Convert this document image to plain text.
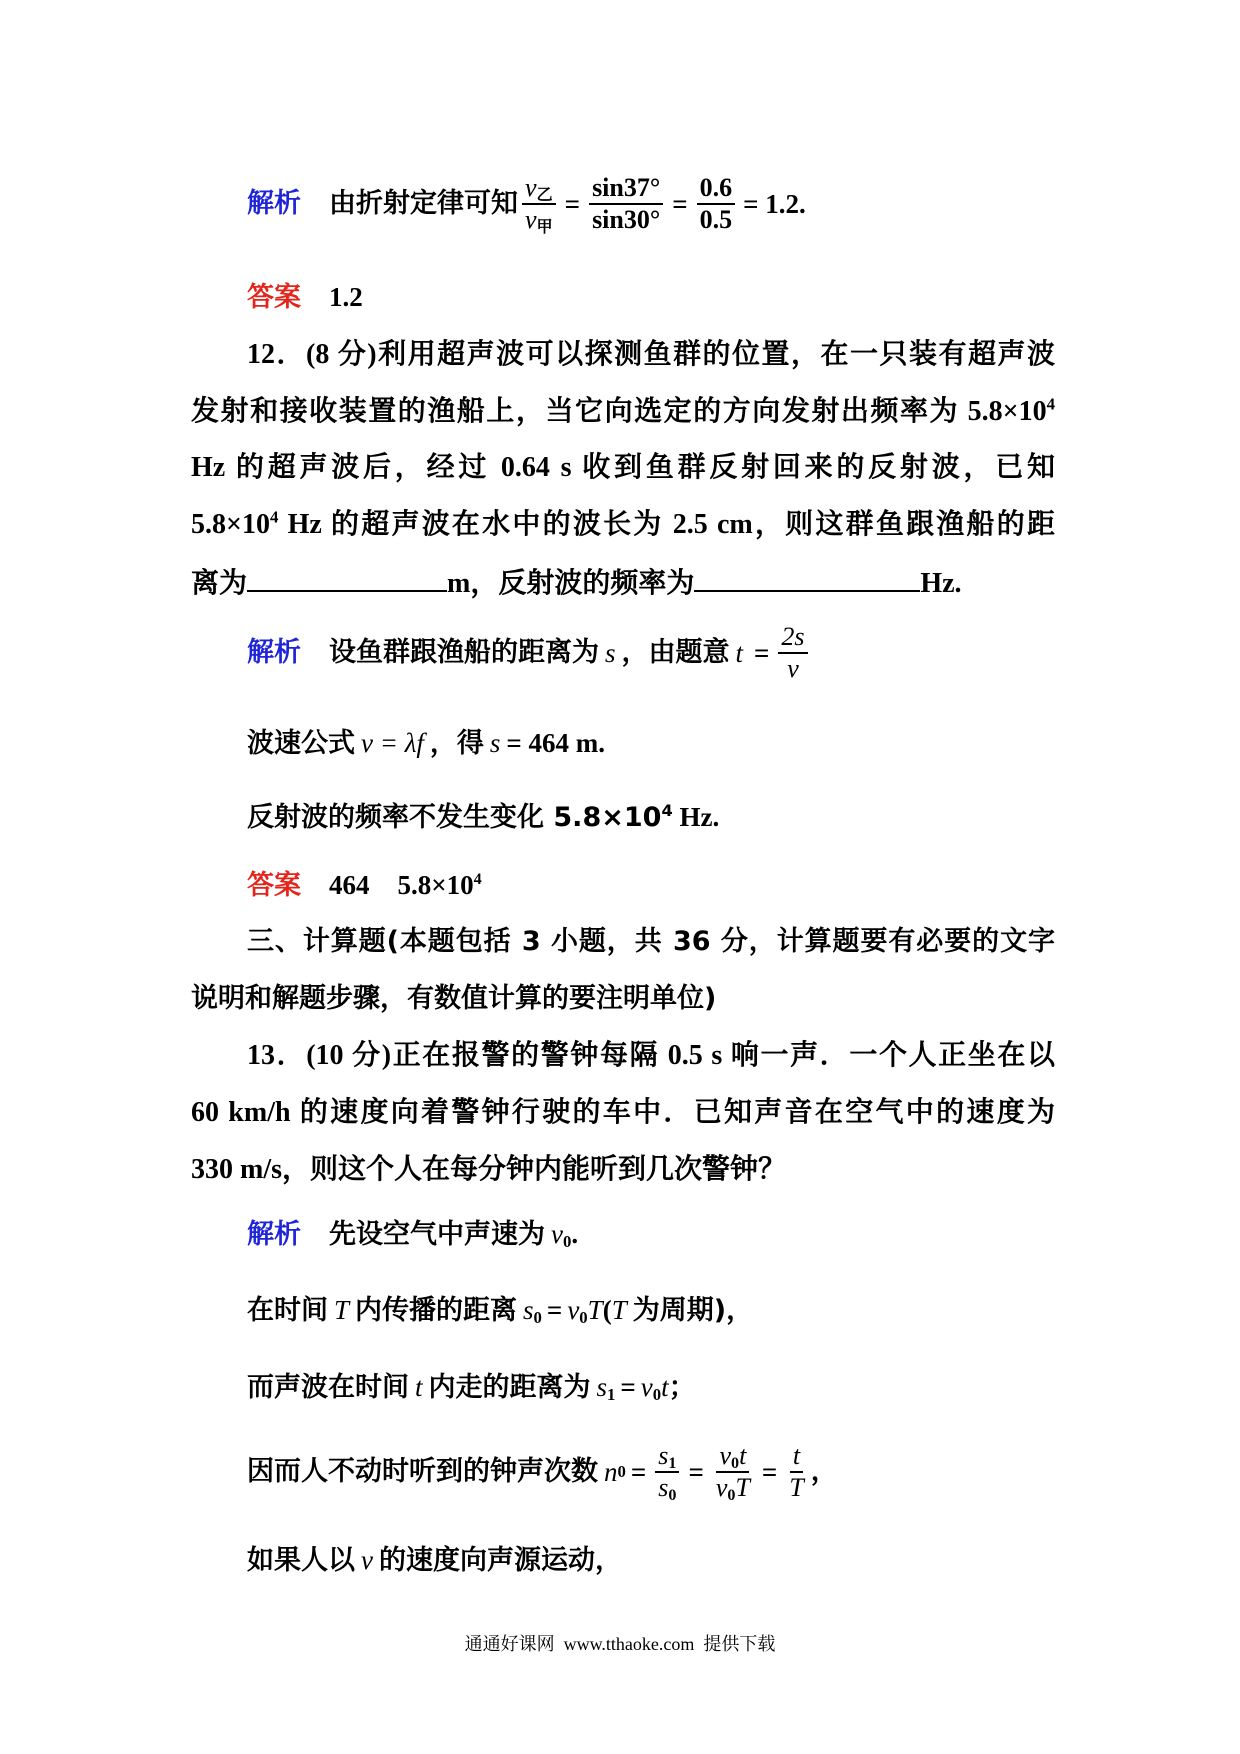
解析 由折射定律可知 $\frac{v_乙}{v_甲} = \frac{\sin 37^\circ}{\sin 30^\circ} = \frac{0.6}{0.5} = 1.2$.
答案 1.2
12．(8 分)利用超声波可以探测鱼群的位置，在一只装有超声波
发射和接收装置的渔船上，当它向选定的方向发射出频率为 $5.8\times 10^4$
Hz 的超声波后，经过 0.64 s 收到鱼群反射回来的反射波，已知
$5.8\times 10^4$ Hz 的超声波在水中的波长为 2.5 cm，则这群鱼跟渔船的距
离为	m，反射波的频率为	Hz.
解析 设鱼群跟渔船的距离为 s ，由题意 $t = \frac{2s}{v}$
波速公式 v = λf ，得 s = 464 m.
反射波的频率不发生变化 $5.8\times 10^4$ Hz.
答案 464 $5.8\times 10^4$
三、计算题(本题包括 3 小题，共 36 分，计算题要有必要的文字
说明和解题步骤，有数值计算的要注明单位)
13．(10 分)正在报警的警钟每隔 0.5 s 响一声．一个人正坐在以
60 km/h 的速度向着警钟行驶的车中．已知声音在空气中的速度为
330 m/s，则这个人在每分钟内能听到几次警钟？
解析 先设空气中声速为 $v_0$.
在时间 T 内传播的距离 $s_0 = v_0T(T$ 为周期)，
而声波在时间 t 内走的距离为 $s_1 = v_0t$；
因而人不动时听到的钟声次数 n $0 = \frac{s_1}{s_0} = \frac{v_0t}{v_0T} = \frac{t}{T}$ ，
如果人以 v 的速度向声源运动，
通通好课网  www.tthaoke.com  提供下载
